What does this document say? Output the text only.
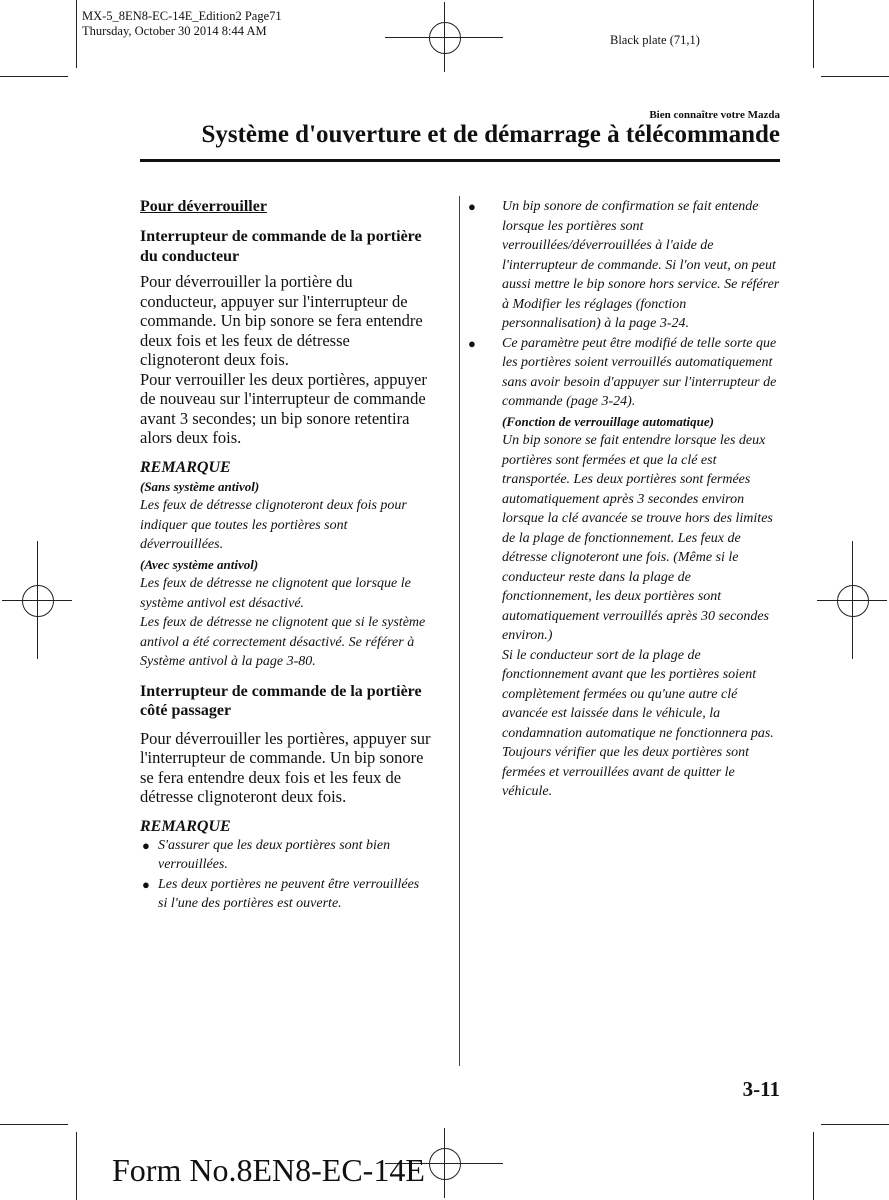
MX-5_8EN8-EC-14E_Edition2 Page71
Thursday, October 30 2014 8:44 AM
Black plate (71,1)
Bien connaître votre Mazda
Système d'ouverture et de démarrage à télécommande
Pour déverrouiller
Interrupteur de commande de la portière du conducteur
Pour déverrouiller la portière du conducteur, appuyer sur l'interrupteur de commande. Un bip sonore se fera entendre deux fois et les feux de détresse clignoteront deux fois.
Pour verrouiller les deux portières, appuyer de nouveau sur l'interrupteur de commande avant 3 secondes; un bip sonore retentira alors deux fois.
REMARQUE
(Sans système antivol)
Les feux de détresse clignoteront deux fois pour indiquer que toutes les portières sont déverrouillées.
(Avec système antivol)
Les feux de détresse ne clignotent que lorsque le système antivol est désactivé.
Les feux de détresse ne clignotent que si le système antivol a été correctement désactivé. Se référer à Système antivol à la page 3-80.
Interrupteur de commande de la portière côté passager
Pour déverrouiller les portières, appuyer sur l'interrupteur de commande. Un bip sonore se fera entendre deux fois et les feux de détresse clignoteront deux fois.
REMARQUE
● S'assurer que les deux portières sont bien verrouillées.
● Les deux portières ne peuvent être verrouillées si l'une des portières est ouverte.
● Un bip sonore de confirmation se fait entende lorsque les portières sont verrouillées/déverrouillées à l'aide de l'interrupteur de commande. Si l'on veut, on peut aussi mettre le bip sonore hors service. Se référer à Modifier les réglages (fonction personnalisation) à la page 3-24.
● Ce paramètre peut être modifié de telle sorte que les portières soient verrouillés automatiquement sans avoir besoin d'appuyer sur l'interrupteur de commande (page 3-24).
(Fonction de verrouillage automatique)
Un bip sonore se fait entendre lorsque les deux portières sont fermées et que la clé est transportée. Les deux portières sont fermées automatiquement après 3 secondes environ lorsque la clé avancée se trouve hors des limites de la plage de fonctionnement. Les feux de détresse clignoteront une fois. (Même si le conducteur reste dans la plage de fonctionnement, les deux portières sont automatiquement verrouillés après 30 secondes environ.)
Si le conducteur sort de la plage de fonctionnement avant que les portières soient complètement fermées ou qu'une autre clé avancée est laissée dans le véhicule, la condamnation automatique ne fonctionnera pas. Toujours vérifier que les deux portières sont fermées et verrouillées avant de quitter le véhicule.
3-11
Form No.8EN8-EC-14E
